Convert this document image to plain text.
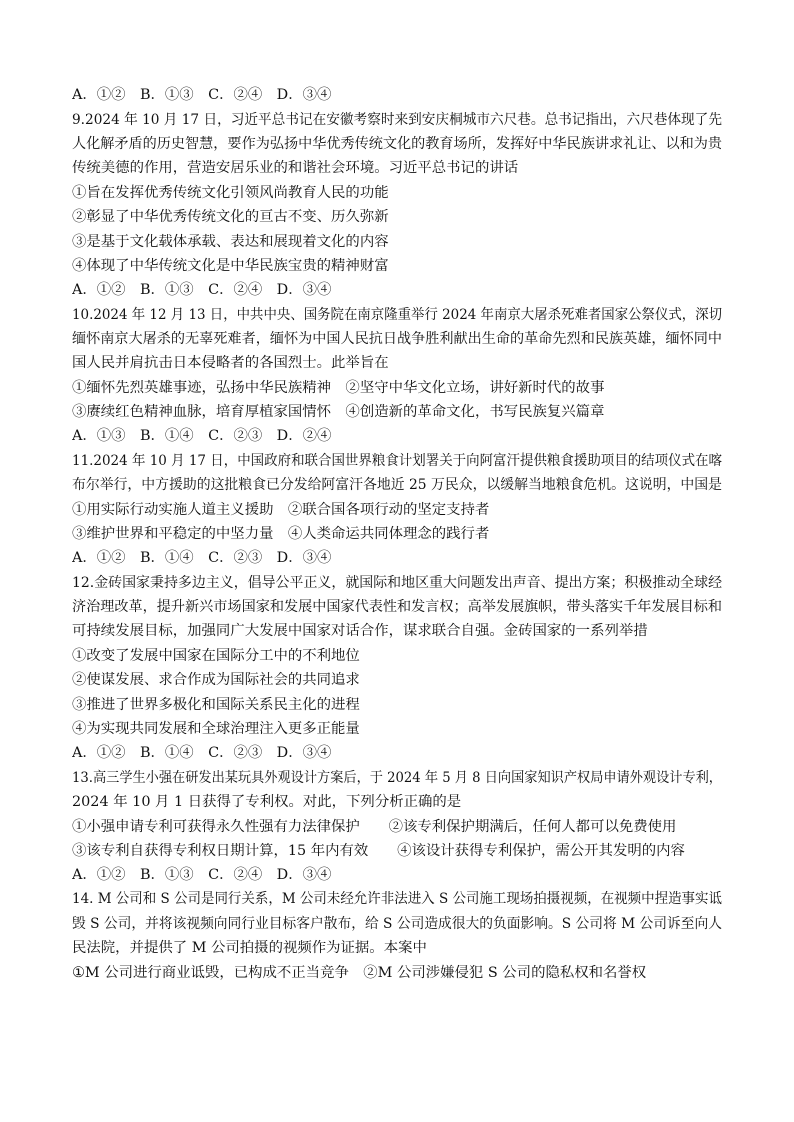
A．①②　B．①③　C．②④　D．③④
9.2024 年 10 月 17 日，习近平总书记在安徽考察时来到安庆桐城市六尺巷。总书记指出，六尺巷体现了先
人化解矛盾的历史智慧，要作为弘扬中华优秀传统文化的教育场所，发挥好中华民族讲求礼让、以和为贵
传统美德的作用，营造安居乐业的和谐社会环境。习近平总书记的讲话
①旨在发挥优秀传统文化引领风尚教育人民的功能
②彰显了中华优秀传统文化的亘古不变、历久弥新
③是基于文化载体承载、表达和展现着文化的内容
④体现了中华传统文化是中华民族宝贵的精神财富
A．①②　B．①③　C．②④　D．③④
10.2024 年 12 月 13 日，中共中央、国务院在南京隆重举行 2024 年南京大屠杀死难者国家公祭仪式，深切
缅怀南京大屠杀的无辜死难者，缅怀为中国人民抗日战争胜利献出生命的革命先烈和民族英雄，缅怀同中
国人民并肩抗击日本侵略者的各国烈士。此举旨在
①缅怀先烈英雄事迹，弘扬中华民族精神　②坚守中华文化立场，讲好新时代的故事
③赓续红色精神血脉，培育厚植家国情怀　④创造新的革命文化，书写民族复兴篇章
A．①③　B．①④　C．②③　D．②④
11.2024 年 10 月 17 日，中国政府和联合国世界粮食计划署关于向阿富汗提供粮食援助项目的结项仪式在喀
布尔举行，中方援助的这批粮食已分发给阿富汗各地近 25 万民众，以缓解当地粮食危机。这说明，中国是
①用实际行动实施人道主义援助　②联合国各项行动的坚定支持者
③维护世界和平稳定的中坚力量　④人类命运共同体理念的践行者
A．①②　B．①④　C．②③　D．③④
12.金砖国家秉持多边主义，倡导公平正义，就国际和地区重大问题发出声音、提出方案；积极推动全球经
济治理改革，提升新兴市场国家和发展中国家代表性和发言权；高举发展旗帜，带头落实千年发展目标和
可持续发展目标，加强同广大发展中国家对话合作，谋求联合自强。金砖国家的一系列举措
①改变了发展中国家在国际分工中的不利地位
②使谋发展、求合作成为国际社会的共同追求
③推进了世界多极化和国际关系民主化的进程
④为实现共同发展和全球治理注入更多正能量
A．①②　B．①④　C．②③　D．③④
13.高三学生小强在研发出某玩具外观设计方案后，于 2024 年 5 月 8 日向国家知识产权局申请外观设计专利，
2024 年 10 月 1 日获得了专利权。对此，下列分析正确的是
①小强申请专利可获得永久性强有力法律保护　　②该专利保护期满后，任何人都可以免费使用
③该专利自获得专利权日期计算，15 年内有效　　④该设计获得专利保护，需公开其发明的内容
A．①②　B．①③　C．②④　D．③④
14. M 公司和 S 公司是同行关系，M 公司未经允许非法进入 S 公司施工现场拍摄视频，在视频中捏造事实诋
毁 S 公司，并将该视频向同行业目标客户散布，给 S 公司造成很大的负面影响。S 公司将 M 公司诉至向人
民法院，并提供了 M 公司拍摄的视频作为证据。本案中
①M 公司进行商业诋毁，已构成不正当竞争　②M 公司涉嫌侵犯 S 公司的隐私权和名誉权
